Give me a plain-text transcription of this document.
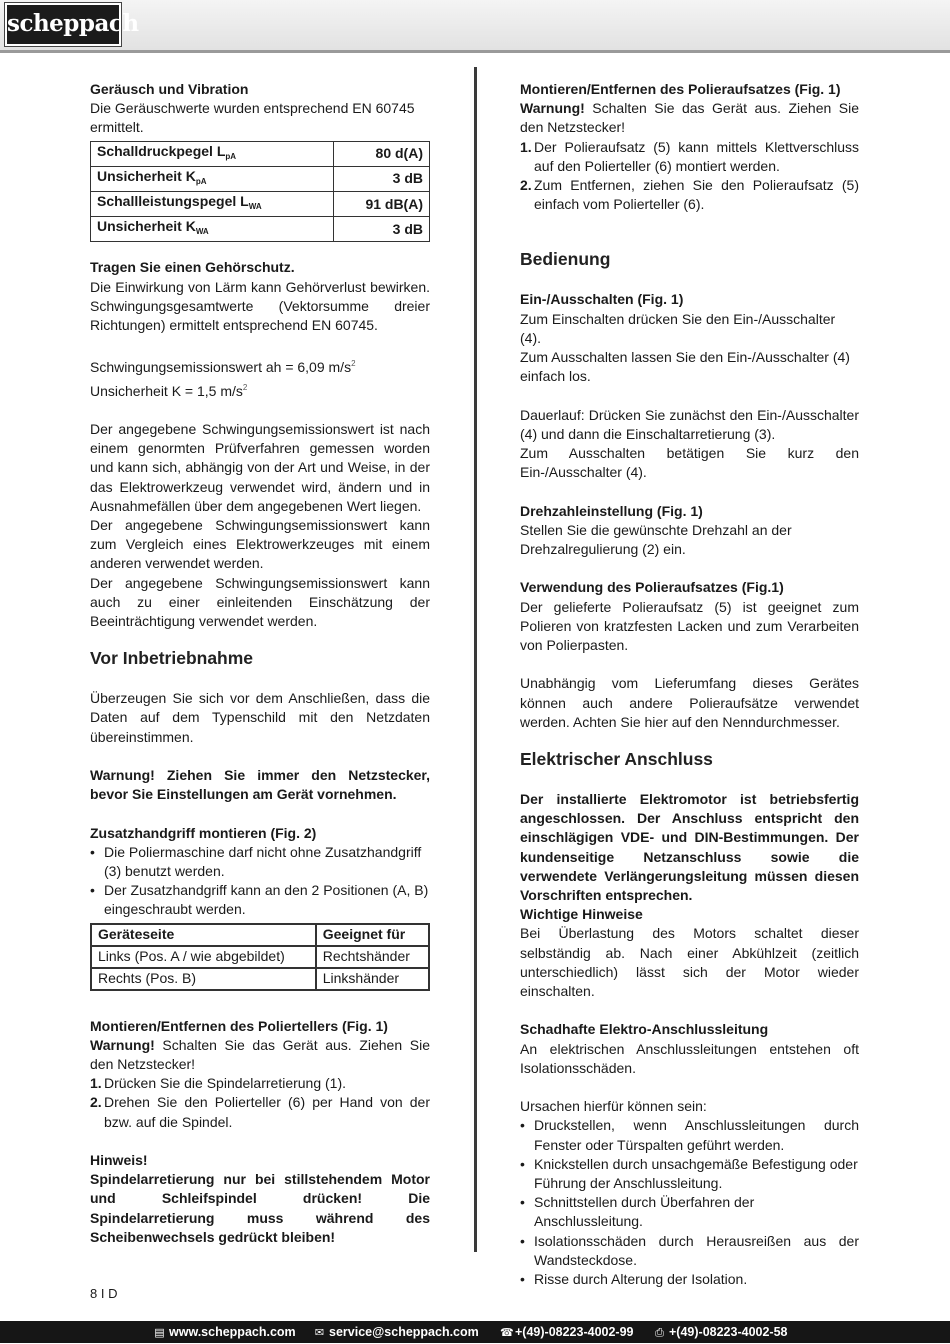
scheppach

Geräusch und Vibration

Die Geräuschwerte wurden entsprechend EN 60745 ermittelt.

Schalldruckpegel $L_{pA}$	80 d(A)
Unsicherheit $K_{pA}$	3 dB
Schallleistungspegel $L_{WA}$	91 dB(A)
Unsicherheit $K_{WA}$	3 dB

Tragen Sie einen Gehörschutz.

Die Einwirkung von Lärm kann Gehörverlust bewirken. Schwingungsgesamtwerte (Vektorsumme dreier Richtungen) ermittelt entsprechend EN 60745.

Schwingungsemissionswert ah = 6,09 $m/s^2$

Unsicherheit K = 1,5 $m/s^2$

Der angegebene Schwingungsemissionswert ist nach einem genormten Prüfverfahren gemessen worden und kann sich, abhängig von der Art und Weise, in der das Elektrowerkzeug verwendet wird, ändern und in Ausnahmefällen über dem angegebenen Wert liegen.

Der angegebene Schwingungsemissionswert kann zum Vergleich eines Elektrowerkzeuges mit einem anderen verwendet werden.

Der angegebene Schwingungsemissionswert kann auch zu einer einleitenden Einschätzung der Beeinträchtigung verwendet werden.

Vor Inbetriebnahme

Überzeugen Sie sich vor dem Anschließen, dass die Daten auf dem Typenschild mit den Netzdaten übereinstimmen.

Warnung! Ziehen Sie immer den Netzstecker, bevor Sie Einstellungen am Gerät vornehmen.

Zusatzhandgriff montieren (Fig. 2)

• Die Poliermaschine darf nicht ohne Zusatzhandgriff (3) benutzt werden.
• Der Zusatzhandgriff kann an den 2 Positionen (A, B) eingeschraubt werden.
Geräteseite	Geeignet für
Links (Pos. A / wie abgebildet)	Rechtshänder
Rechts (Pos. B)	Linkshänder

Montieren/Entfernen des Poliertellers (Fig. 1)

Warnung! Schalten Sie das Gerät aus. Ziehen Sie den Netzstecker!

1. Drücken Sie die Spindelarretierung (1).
2. Drehen Sie den Polierteller (6) per Hand von der bzw. auf die Spindel.

Hinweis!

Spindelarretierung nur bei stillstehendem Motor und Schleifspindel drücken! Die Spindelarretierung muss während des Scheibenwechsels gedrückt bleiben!

Montieren/Entfernen des Polieraufsatzes (Fig. 1)

Warnung! Schalten Sie das Gerät aus. Ziehen Sie den Netzstecker!

1. Der Polieraufsatz (5) kann mittels Klettverschluss auf den Polierteller (6) montiert werden.
2. Zum Entfernen, ziehen Sie den Polieraufsatz (5) einfach vom Polierteller (6).
Bedienung

Ein-/Ausschalten (Fig. 1)

Zum Einschalten drücken Sie den Ein-/Ausschalter (4).

Zum Ausschalten lassen Sie den Ein-/Ausschalter (4) einfach los.

Dauerlauf: Drücken Sie zunächst den Ein-/Ausschalter (4) und dann die Einschaltarretierung (3).

Zum Ausschalten betätigen Sie kurz den Ein-/Ausschalter (4).

Drehzahleinstellung (Fig. 1)

Stellen Sie die gewünschte Drehzahl an der Drehzalregulierung (2) ein.

Verwendung des Polieraufsatzes (Fig.1)

Der gelieferte Polieraufsatz (5) ist geeignet zum Polieren von kratzfesten Lacken und zum Verarbeiten von Polierpasten.

Unabhängig vom Lieferumfang dieses Gerätes können auch andere Polieraufsätze verwendet werden. Achten Sie hier auf den Nenndurchmesser.

Elektrischer Anschluss

Der installierte Elektromotor ist betriebsfertig angeschlossen. Der Anschluss entspricht den einschlägigen VDE- und DIN-Bestimmungen. Der kundenseitige Netzanschluss sowie die verwendete Verlängerungsleitung müssen diesen Vorschriften entsprechen.

Wichtige Hinweise

Bei Überlastung des Motors schaltet dieser selbständig ab. Nach einer Abkühlzeit (zeitlich unterschiedlich) lässt sich der Motor wieder einschalten.

Schadhafte Elektro-Anschlussleitung

An elektrischen Anschlussleitungen entstehen oft Isolationsschäden.

Ursachen hierfür können sein:

• Druckstellen, wenn Anschlussleitungen durch Fenster oder Türspalten geführt werden.
• Knickstellen durch unsachgemäße Befestigung oder Führung der Anschlussleitung.
• Schnittstellen durch Überfahren der Anschlussleitung.
• Isolationsschäden durch Herausreißen aus der Wandsteckdose.
• Risse durch Alterung der Isolation.
8 I D
▤ www.scheppach.com ✉ service@scheppach.com ☎+(49)-08223-4002-99 ⎙ +(49)-08223-4002-58
